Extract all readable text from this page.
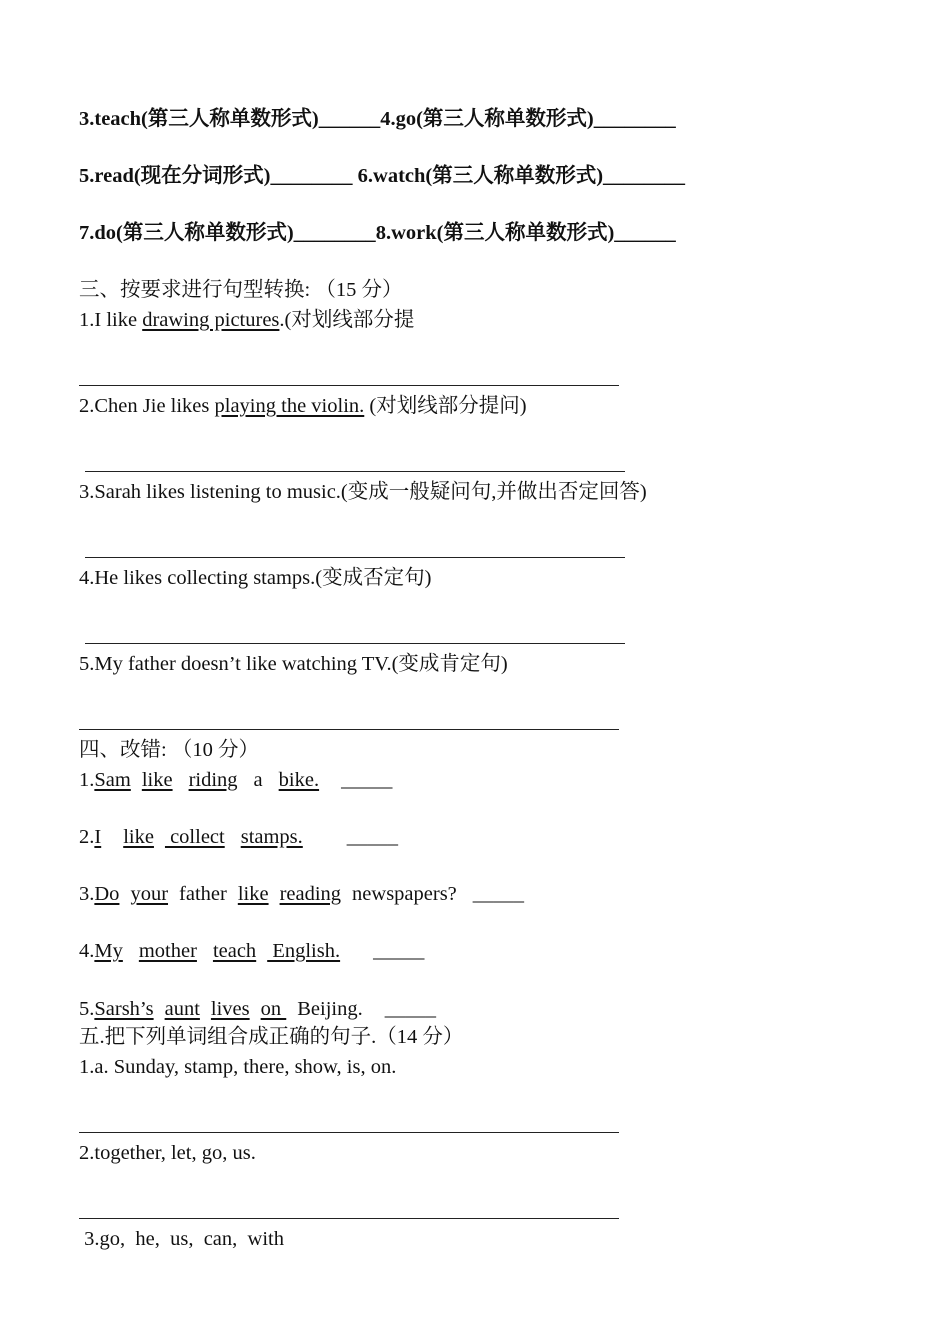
3.teach(第三人称单数形式)______4.go(第三人称单数形式)________
5.read(现在分词形式)________ 6.watch(第三人称单数形式)________
7.do(第三人称单数形式)________8.work(第三人称单数形式)______
三、按要求进行句型转换: （15 分）
1.I like drawing pictures.(对划线部分提
2.Chen Jie likes playing the violin. (对划线部分提问)
3.Sarah likes listening to music.(变成一般疑问句,并做出否定回答)
4.He likes collecting stamps.(变成否定句)
5.My father doesn’t like watching TV.(变成肯定句)
四、改错: （10 分）
1.Sam like riding a bike. _____
2.I like collect stamps. _____
3.Do your father like reading newspapers? _____
4.My mother teach English. _____
5.Sarsh’s aunt lives on Beijing. _____
五.把下列单词组合成正确的句子.（14 分）
1.a. Sunday, stamp, there, show, is, on.
2.together, let, go, us.
3.go,  he,  us,  can,  with
